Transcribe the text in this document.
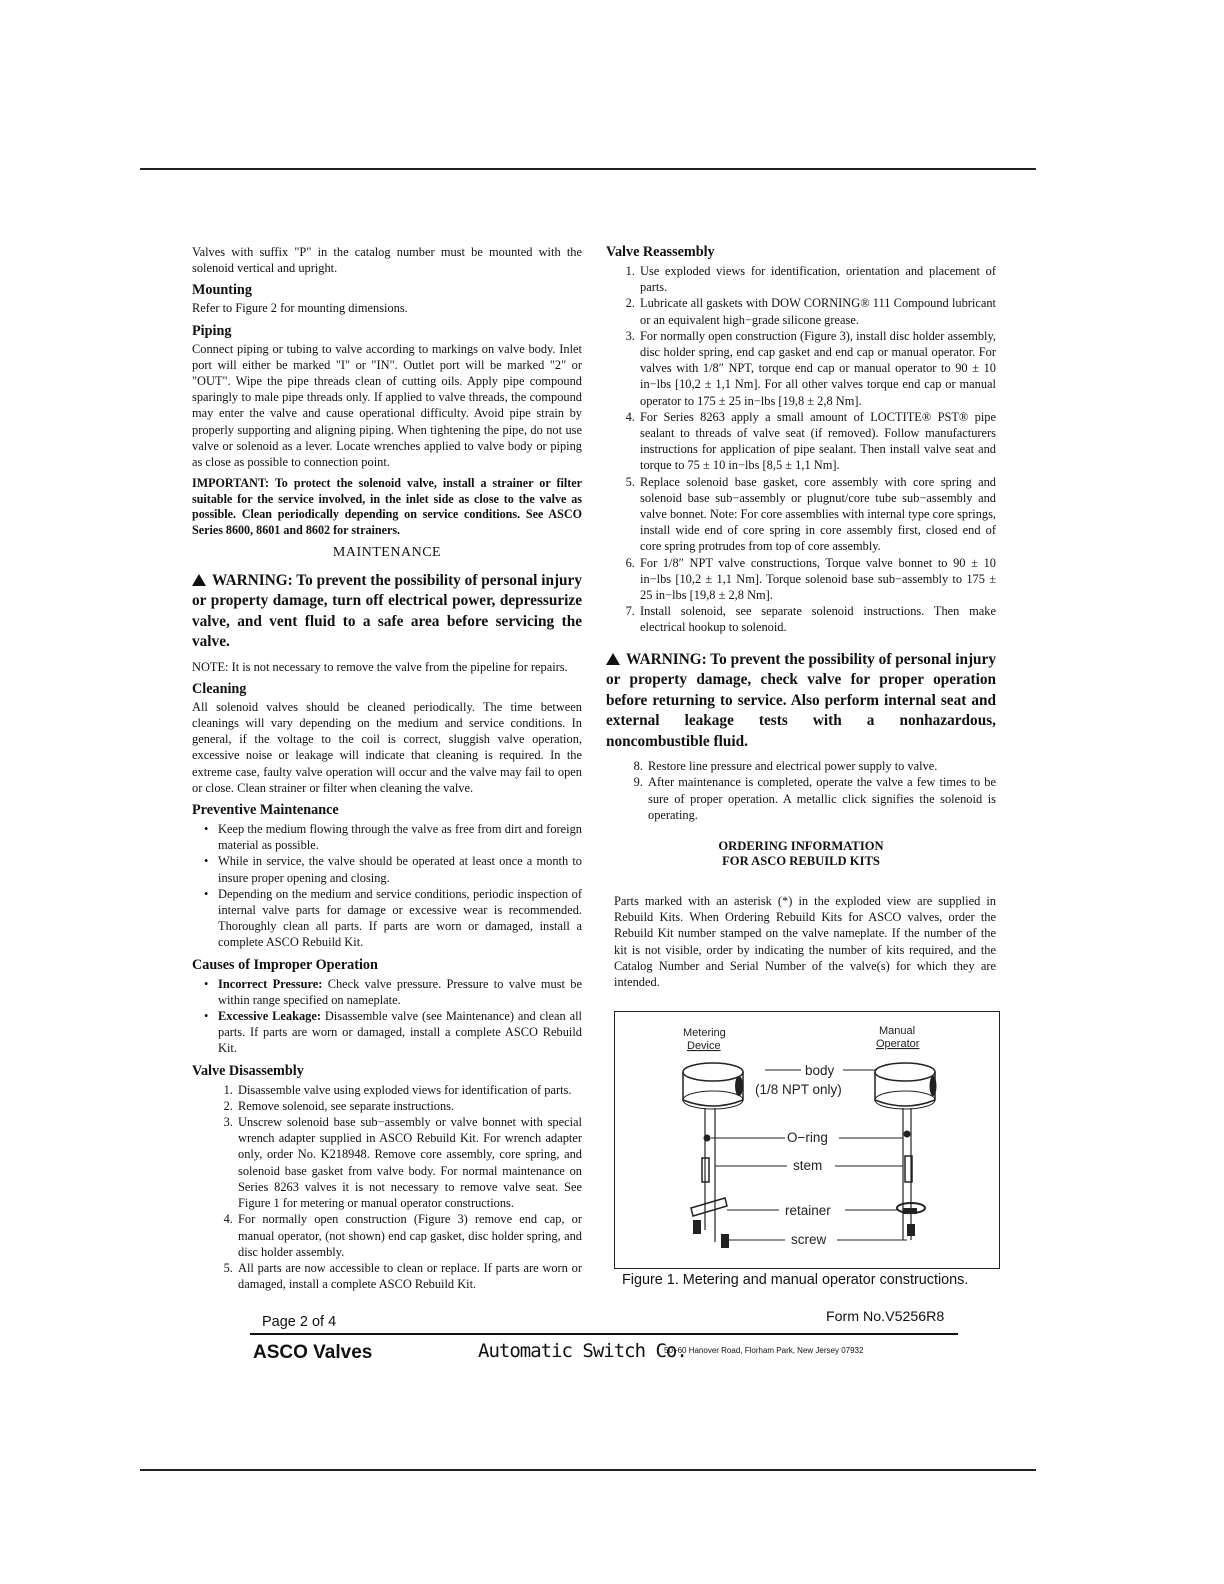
Valves with suffix "P" in the catalog number must be mounted with the solenoid vertical and upright.

Mounting

Refer to Figure 2 for mounting dimensions.

Piping

Connect piping or tubing to valve according to markings on valve body. Inlet port will either be marked "I" or "IN". Outlet port will be marked "2" or "OUT". Wipe the pipe threads clean of cutting oils. Apply pipe compound sparingly to male pipe threads only. If applied to valve threads, the compound may enter the valve and cause operational difficulty. Avoid pipe strain by properly supporting and aligning piping. When tightening the pipe, do not use valve or solenoid as a lever. Locate wrenches applied to valve body or piping as close as possible to connection point.

IMPORTANT: To protect the solenoid valve, install a strainer or filter suitable for the service involved, in the inlet side as close to the valve as possible. Clean periodically depending on service conditions. See ASCO Series 8600, 8601 and 8602 for strainers.

MAINTENANCE
WARNING: To prevent the possibility of personal injury or property damage, turn off electrical power, depressurize valve, and vent fluid to a safe area before servicing the valve.

NOTE: It is not necessary to remove the valve from the pipeline for repairs.

Cleaning

All solenoid valves should be cleaned periodically. The time between cleanings will vary depending on the medium and service conditions. In general, if the voltage to the coil is correct, sluggish valve operation, excessive noise or leakage will indicate that cleaning is required. In the extreme case, faulty valve operation will occur and the valve may fail to open or close. Clean strainer or filter when cleaning the valve.

Preventive Maintenance
• Keep the medium flowing through the valve as free from dirt and foreign material as possible.
• While in service, the valve should be operated at least once a month to insure proper opening and closing.
• Depending on the medium and service conditions, periodic inspection of internal valve parts for damage or excessive wear is recommended. Thoroughly clean all parts. If parts are worn or damaged, install a complete ASCO Rebuild Kit.
Causes of Improper Operation
• Incorrect Pressure: Check valve pressure. Pressure to valve must be within range specified on nameplate.
• Excessive Leakage: Disassemble valve (see Maintenance) and clean all parts. If parts are worn or damaged, install a complete ASCO Rebuild Kit.
Valve Disassembly
1. Disassemble valve using exploded views for identification of parts.
2. Remove solenoid, see separate instructions.
3. Unscrew solenoid base sub−assembly or valve bonnet with special wrench adapter supplied in ASCO Rebuild Kit. For wrench adapter only, order No. K218948. Remove core assembly, core spring, and solenoid base gasket from valve body. For normal maintenance on Series 8263 valves it is not necessary to remove valve seat. See Figure 1 for metering or manual operator constructions.
4. For normally open construction (Figure 3) remove end cap, or manual operator, (not shown) end cap gasket, disc holder spring, and disc holder assembly.
5. All parts are now accessible to clean or replace. If parts are worn or damaged, install a complete ASCO Rebuild Kit.
Valve Reassembly
1. Use exploded views for identification, orientation and placement of parts.
2. Lubricate all gaskets with DOW CORNING® 111 Compound lubricant or an equivalent high−grade silicone grease.
3. For normally open construction (Figure 3), install disc holder assembly, disc holder spring, end cap gasket and end cap or manual operator. For valves with 1/8″ NPT, torque end cap or manual operator to 90 ± 10 in−lbs [10,2 ± 1,1 Nm]. For all other valves torque end cap or manual operator to 175 ± 25 in−lbs [19,8 ± 2,8 Nm].
4. For Series 8263 apply a small amount of LOCTITE® PST® pipe sealant to threads of valve seat (if removed). Follow manufacturers instructions for application of pipe sealant. Then install valve seat and torque to 75 ± 10 in−lbs [8,5 ± 1,1 Nm].
5. Replace solenoid base gasket, core assembly with core spring and solenoid base sub−assembly or plugnut/core tube sub−assembly and valve bonnet. Note: For core assemblies with internal type core springs, install wide end of core spring in core assembly first, closed end of core spring protrudes from top of core assembly.
6. For 1/8″ NPT valve constructions, Torque valve bonnet to 90 ± 10 in−lbs [10,2 ± 1,1 Nm]. Torque solenoid base sub−assembly to 175 ± 25 in−lbs [19,8 ± 2,8 Nm].
7. Install solenoid, see separate solenoid instructions. Then make electrical hookup to solenoid.
WARNING: To prevent the possibility of personal injury or property damage, check valve for proper operation before returning to service. Also perform internal seat and external leakage tests with a nonhazardous, noncombustible fluid.
8. Restore line pressure and electrical power supply to valve.
9. After maintenance is completed, operate the valve a few times to be sure of proper operation. A metallic click signifies the solenoid is operating.
ORDERING INFORMATION
FOR ASCO REBUILD KITS

Parts marked with an asterisk (*) in the exploded view are supplied in Rebuild Kits. When Ordering Rebuild Kits for ASCO valves, order the Rebuild Kit number stamped on the valve nameplate. If the number of the kit is not visible, order by indicating the number of kits required, and the Catalog Number and Serial Number of the valve(s) for which they are intended.

Metering
Device
Manual
Operator
body
(1/8 NPT only)
O−ring
stem
retainer
screw
Figure 1. Metering and manual operator constructions.
Page 2 of 4	Form No.V5256R8
ASCO Valves	Automatic Switch Co.
50−60 Hanover Road, Florham Park, New Jersey 07932
